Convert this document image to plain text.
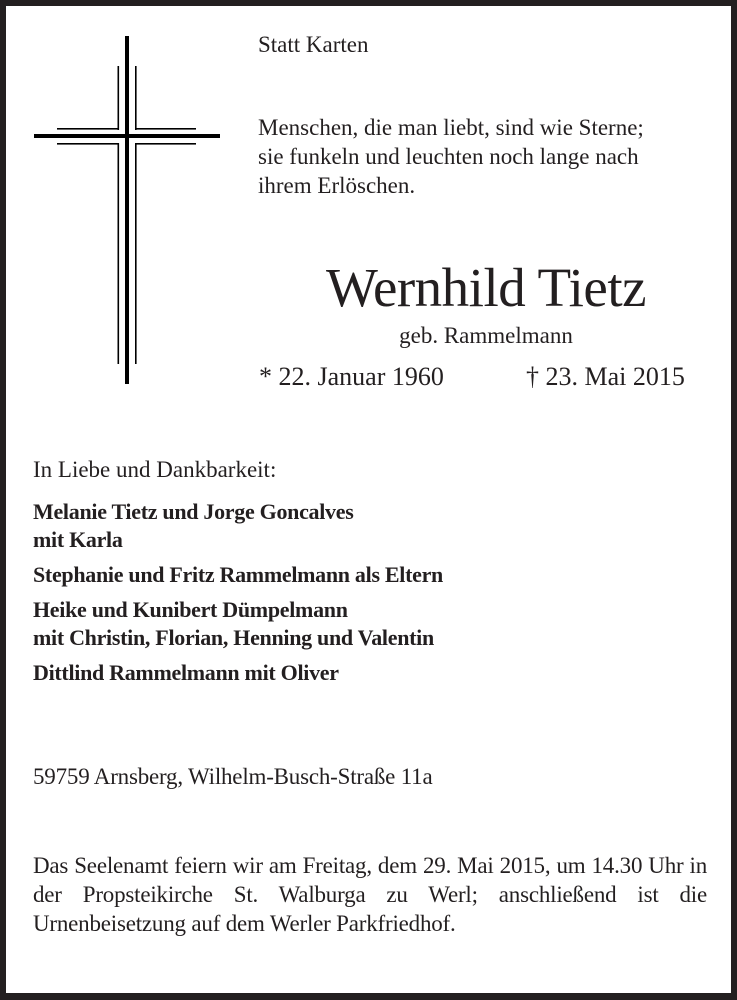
Statt Karten
Menschen, die man liebt, sind wie Sterne;
sie funkeln und leuchten noch lange nach
ihrem Erlöschen.
Wernhild Tietz
geb. Rammelmann
* 22. Januar 1960	† 23. Mai 2015
In Liebe und Dankbarkeit:
Melanie Tietz und Jorge Goncalves
mit Karla
Stephanie und Fritz Rammelmann als Eltern
Heike und Kunibert Dümpelmann
mit Christin, Florian, Henning und Valentin
Dittlind Rammelmann mit Oliver
59759 Arnsberg, Wilhelm-Busch-Straße 11a
Das Seelenamt feiern wir am Freitag, dem 29. Mai 2015, um 14.30 Uhr in der Propsteikirche St. Walburga zu Werl; anschließend ist die Urnenbeisetzung auf dem Werler Parkfriedhof.
